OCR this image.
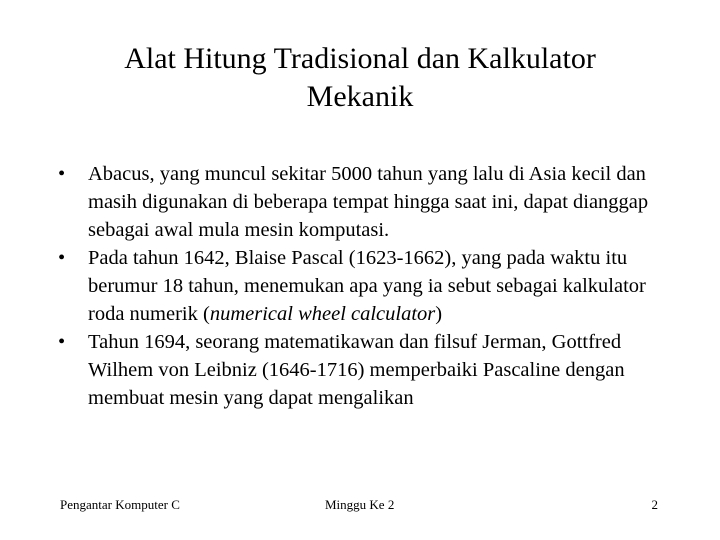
Alat Hitung Tradisional dan Kalkulator
Mekanik
•	Abacus, yang muncul sekitar 5000 tahun yang lalu di Asia kecil dan masih digunakan di beberapa tempat hingga saat ini, dapat dianggap sebagai awal mula mesin komputasi.
•	Pada tahun 1642, Blaise Pascal (1623-1662), yang pada waktu itu berumur 18 tahun, menemukan apa yang ia sebut sebagai kalkulator roda numerik (numerical wheel calculator)
•	Tahun 1694, seorang matematikawan dan filsuf Jerman, Gottfred Wilhem von Leibniz (1646-1716) memperbaiki Pascaline dengan membuat mesin yang dapat mengalikan
Pengantar Komputer C	Minggu Ke 2	2
